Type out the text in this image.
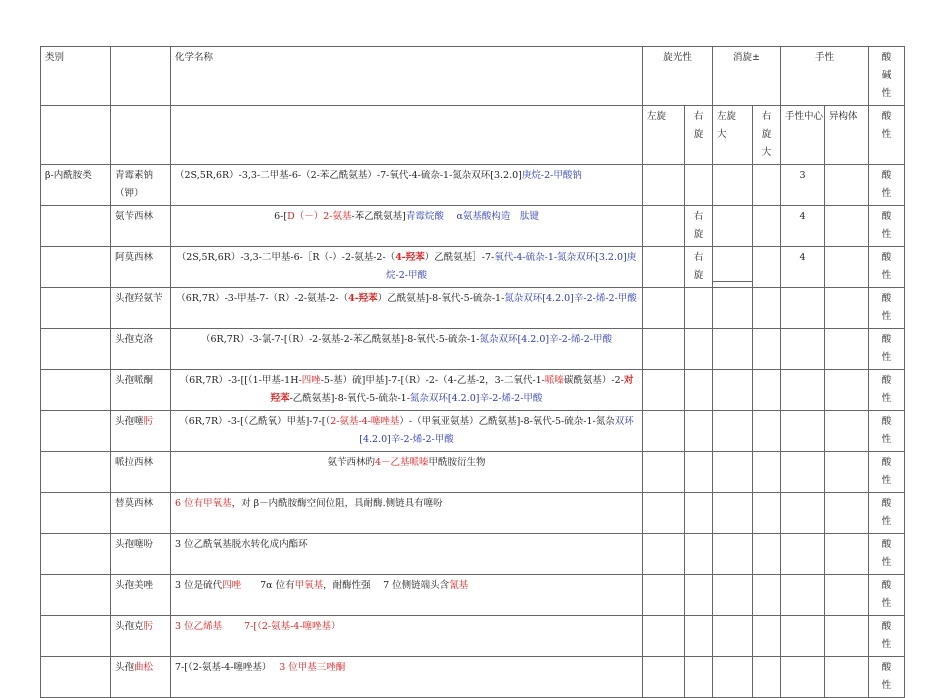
类别		化学名称	旋光性		消旋±		手性		酸碱性

			左旋	右旋	左旋大	右旋大	手性中心	异构体	酸性

β-内酰胺类	青霉素钠（钾）	（2S,5R,6R）-3,3-二甲基-6-（2-苯乙酰氨基）-7-氧代-4-硫杂-1-氮杂双环[3.2.0]庚烷-2-甲酸钠					3		酸性

	氨苄西林	6-[D（－）2-氨基-苯乙酰氨基]青霉烷酸　 α氨基酸构造　肽键		右旋			4		酸性

	阿莫西林	（2S,5R,6R）-3,3-二甲基-6-［R（-）-2-氨基-2-（4-羟苯）乙酰氨基］-7-氧代-4-硫杂-1-氮杂双环[3.2.0]庚烷-2-甲酸		右旋			4		酸性

	头孢羟氨苄	（6R,7R）-3-甲基-7-（R）-2-氨基-2-（4-羟苯）乙酰氨基]-8-氧代-5-硫杂-1-氮杂双环[4.2.0]辛-2-烯-2-甲酸							酸性

	头孢克洛	（6R,7R）-3-氯-7-[（R）-2-氨基-2-苯乙酰氨基]-8-氧代-5-硫杂-1-氮杂双环[4.2.0]辛-2-烯-2-甲酸							酸性

	头孢哌酮	（6R,7R）-3-[[（1-甲基-1H-四唑-5-基）硫]甲基]-7-[（R）-2-（4-乙基-2，3-二氧代-1-哌嗪碳酰氨基）-2-对羟苯-乙酰氨基]-8-氧代-5-硫杂-1-氮杂双环[4.2.0]辛-2-烯-2-甲酸							酸性

	头孢噻肟	（6R,7R）-3-[（乙酰氧）甲基]-7-[（2-氨基-4-噻唑基）-（甲氧亚氨基）乙酰氨基]-8-氧代-5-硫杂-1-氮杂双环[4.2.0]辛-2-烯-2-甲酸							酸性

	哌拉西林	氨苄西林旳4－乙基哌嗪甲酰胺衍生物							酸性

	替莫西林	6 位有甲氧基，对 β－内酰胺酶空间位阻，具耐酶.侧链具有噻吩							酸性

	头孢噻吩	3 位乙酰氧基脱水转化成内酯环							酸性

	头孢美唑	3 位是硫代四唑　　7α 位有甲氧基，耐酶性强　 7 位侧链端头含氰基							酸性

	头孢克肟	3 位乙烯基　　 7-[（2-氨基-4-噻唑基）							酸性

	头孢曲松	7-[（2-氨基-4-噻唑基）　 3 位甲基三唑酮							酸性
